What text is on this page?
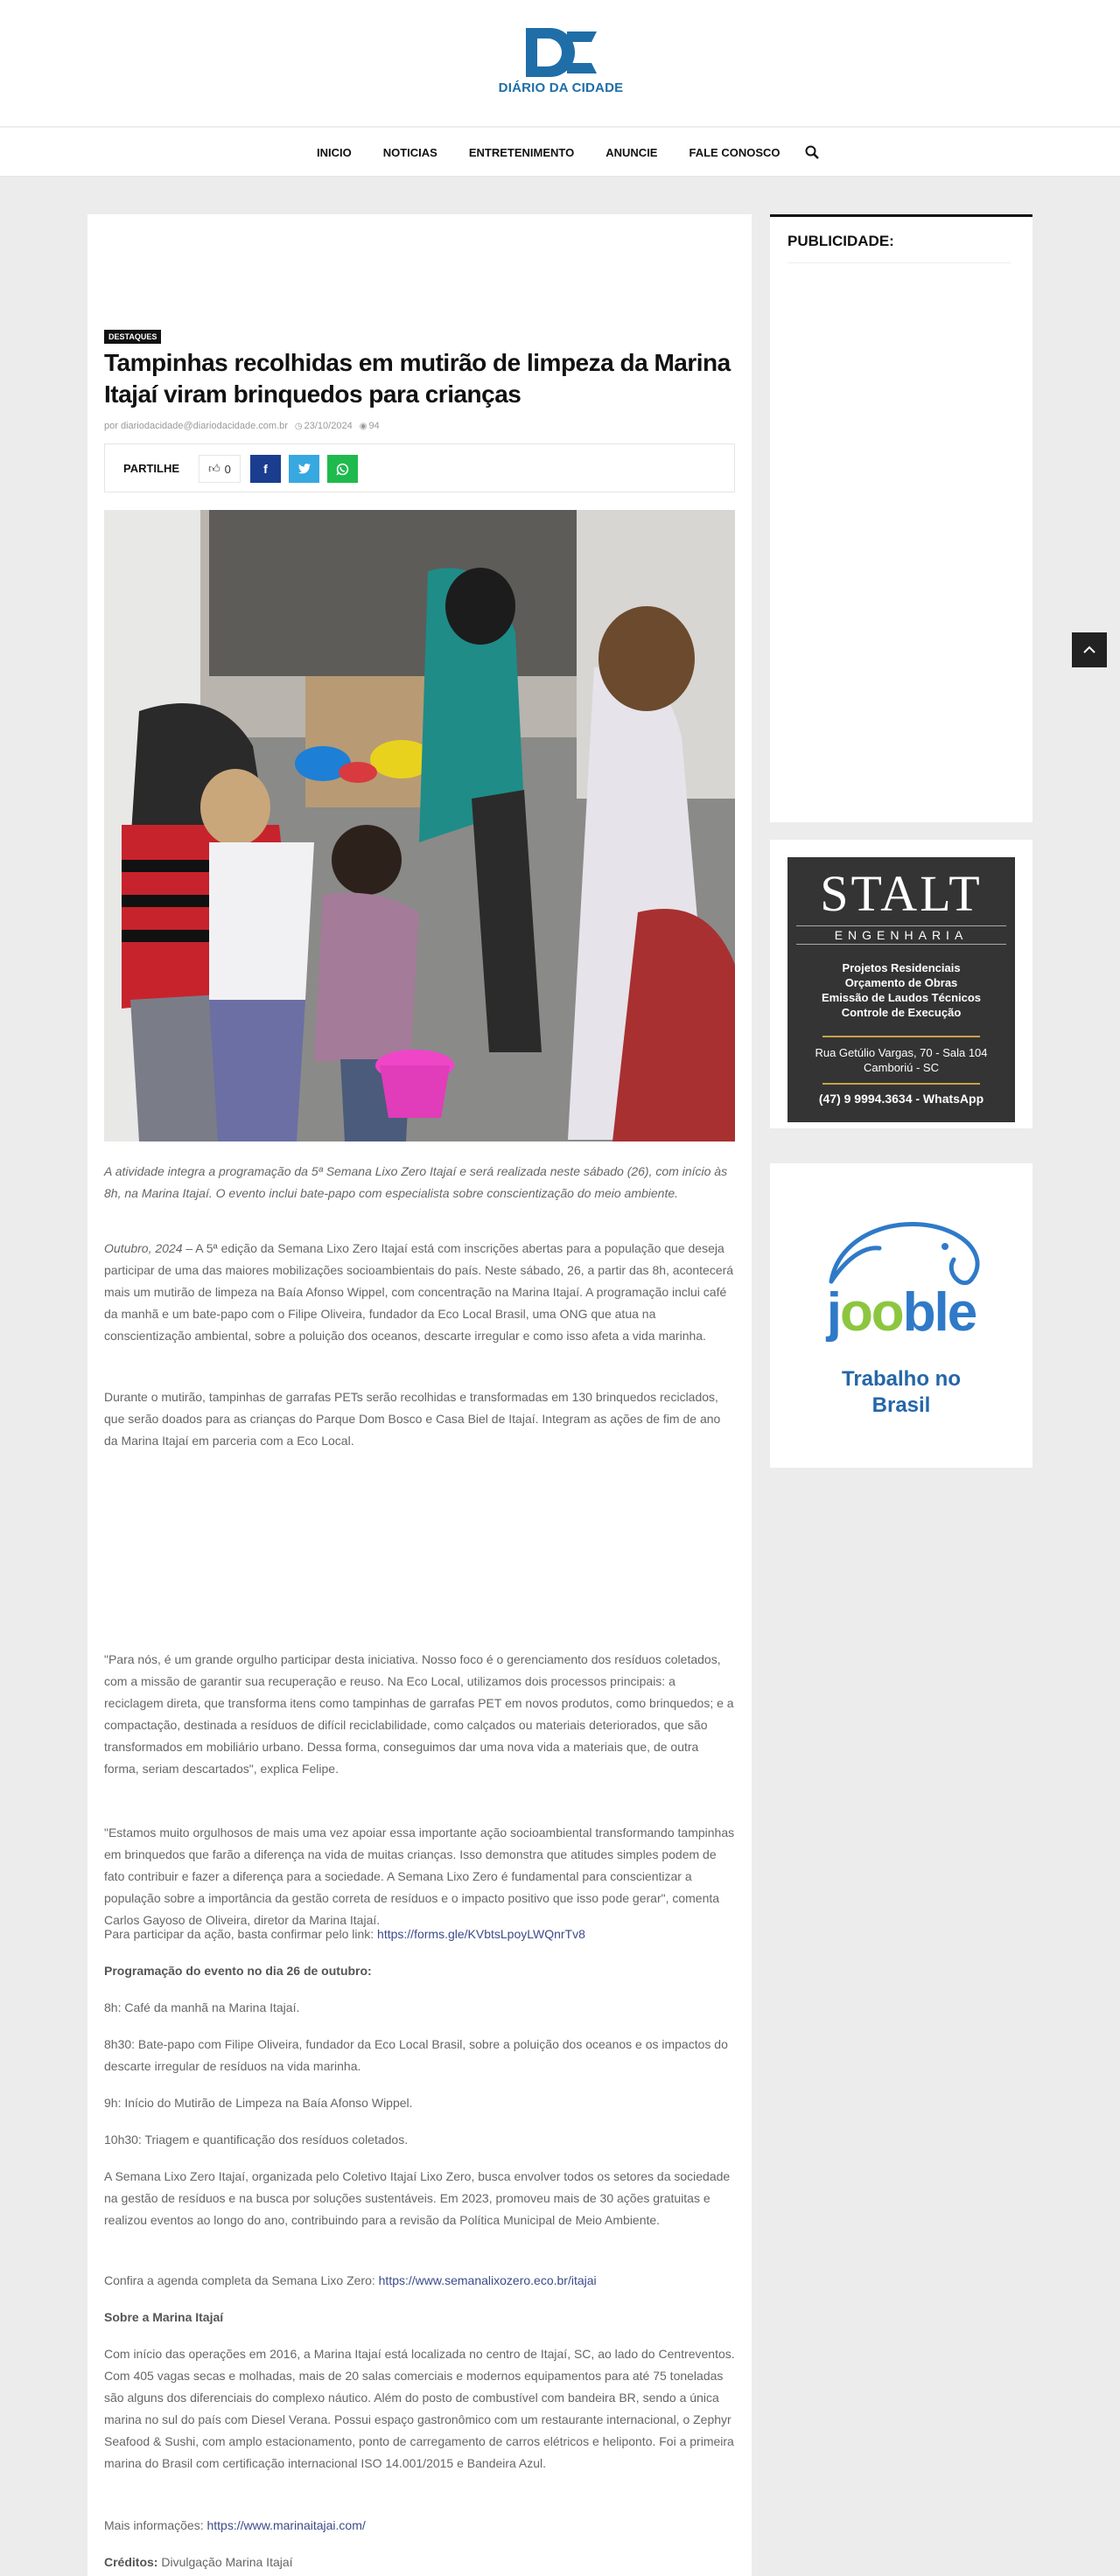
DIÁRIO DA CIDADE
INICIO	NOTICIAS	ENTRETENIMENTO	ANUNCIE	FALE CONOSCO
DESTAQUES
Tampinhas recolhidas em mutirão de limpeza da Marina Itajaí viram brinquedos para crianças
por diariodacidade@diariodacidade.com.br ◷ 23/10/2024 ◉ 94
PARTILHE	👍︎ 0	f

A atividade integra a programação da 5ª Semana Lixo Zero Itajaí e será realizada neste sábado (26), com início às 8h, na Marina Itajaí. O evento inclui bate-papo com especialista sobre conscientização do meio ambiente.

Outubro, 2024 – A 5ª edição da Semana Lixo Zero Itajaí está com inscrições abertas para a população que deseja participar de uma das maiores mobilizações socioambientais do país. Neste sábado, 26, a partir das 8h, acontecerá mais um mutirão de limpeza na Baía Afonso Wippel, com concentração na Marina Itajaí. A programação inclui café da manhã e um bate-papo com o Filipe Oliveira, fundador da Eco Local Brasil, uma ONG que atua na conscientização ambiental, sobre a poluição dos oceanos, descarte irregular e como isso afeta a vida marinha.

Durante o mutirão, tampinhas de garrafas PETs serão recolhidas e transformadas em 130 brinquedos reciclados, que serão doados para as crianças do Parque Dom Bosco e Casa Biel de Itajaí. Integram as ações de fim de ano da Marina Itajaí em parceria com a Eco Local.

"Para nós, é um grande orgulho participar desta iniciativa. Nosso foco é o gerenciamento dos resíduos coletados, com a missão de garantir sua recuperação e reuso. Na Eco Local, utilizamos dois processos principais: a reciclagem direta, que transforma itens como tampinhas de garrafas PET em novos produtos, como brinquedos; e a compactação, destinada a resíduos de difícil reciclabilidade, como calçados ou materiais deteriorados, que são transformados em mobiliário urbano. Dessa forma, conseguimos dar uma nova vida a materiais que, de outra forma, seriam descartados", explica Felipe.

"Estamos muito orgulhosos de mais uma vez apoiar essa importante ação socioambiental transformando tampinhas em brinquedos que farão a diferença na vida de muitas crianças. Isso demonstra que atitudes simples podem de fato contribuir e fazer a diferença para a sociedade. A Semana Lixo Zero é fundamental para conscientizar a população sobre a importância da gestão correta de resíduos e o impacto positivo que isso pode gerar", comenta Carlos Gayoso de Oliveira, diretor da Marina Itajaí.

Para participar da ação, basta confirmar pelo link: https://forms.gle/KVbtsLpoyLWQnrTv8

Programação do evento no dia 26 de outubro:

8h: Café da manhã na Marina Itajaí.

8h30: Bate-papo com Filipe Oliveira, fundador da Eco Local Brasil, sobre a poluição dos oceanos e os impactos do descarte irregular de resíduos na vida marinha.

9h: Início do Mutirão de Limpeza na Baía Afonso Wippel.

10h30: Triagem e quantificação dos resíduos coletados.

A Semana Lixo Zero Itajaí, organizada pelo Coletivo Itajaí Lixo Zero, busca envolver todos os setores da sociedade na gestão de resíduos e na busca por soluções sustentáveis. Em 2023, promoveu mais de 30 ações gratuitas e realizou eventos ao longo do ano, contribuindo para a revisão da Política Municipal de Meio Ambiente.

Confira a agenda completa da Semana Lixo Zero: https://www.semanalixozero.eco.br/itajai

Sobre a Marina Itajaí

Com início das operações em 2016, a Marina Itajaí está localizada no centro de Itajaí, SC, ao lado do Centreventos. Com 405 vagas secas e molhadas, mais de 20 salas comerciais e modernos equipamentos para até 75 toneladas são alguns dos diferenciais do complexo náutico. Além do posto de combustível com bandeira BR, sendo a única marina no sul do país com Diesel Verana. Possui espaço gastronômico com um restaurante internacional, o Zephyr Seafood & Sushi, com amplo estacionamento, ponto de carregamento de carros elétricos e heliponto. Foi a primeira marina do Brasil com certificação internacional ISO 14.001/2015 e Bandeira Azul.

Mais informações: https://www.marinaitajai.com/

Créditos: Divulgação Marina Itajaí

PUBLICIDADE:
STALT
ENGENHARIA
Projetos Residenciais
Orçamento de Obras
Emissão de Laudos Técnicos
Controle de Execução
Rua Getúlio Vargas, 70 - Sala 104
Camboriú - SC
(47) 9 9994.3634 - WhatsApp
jooble
Trabalho no
Brasil
